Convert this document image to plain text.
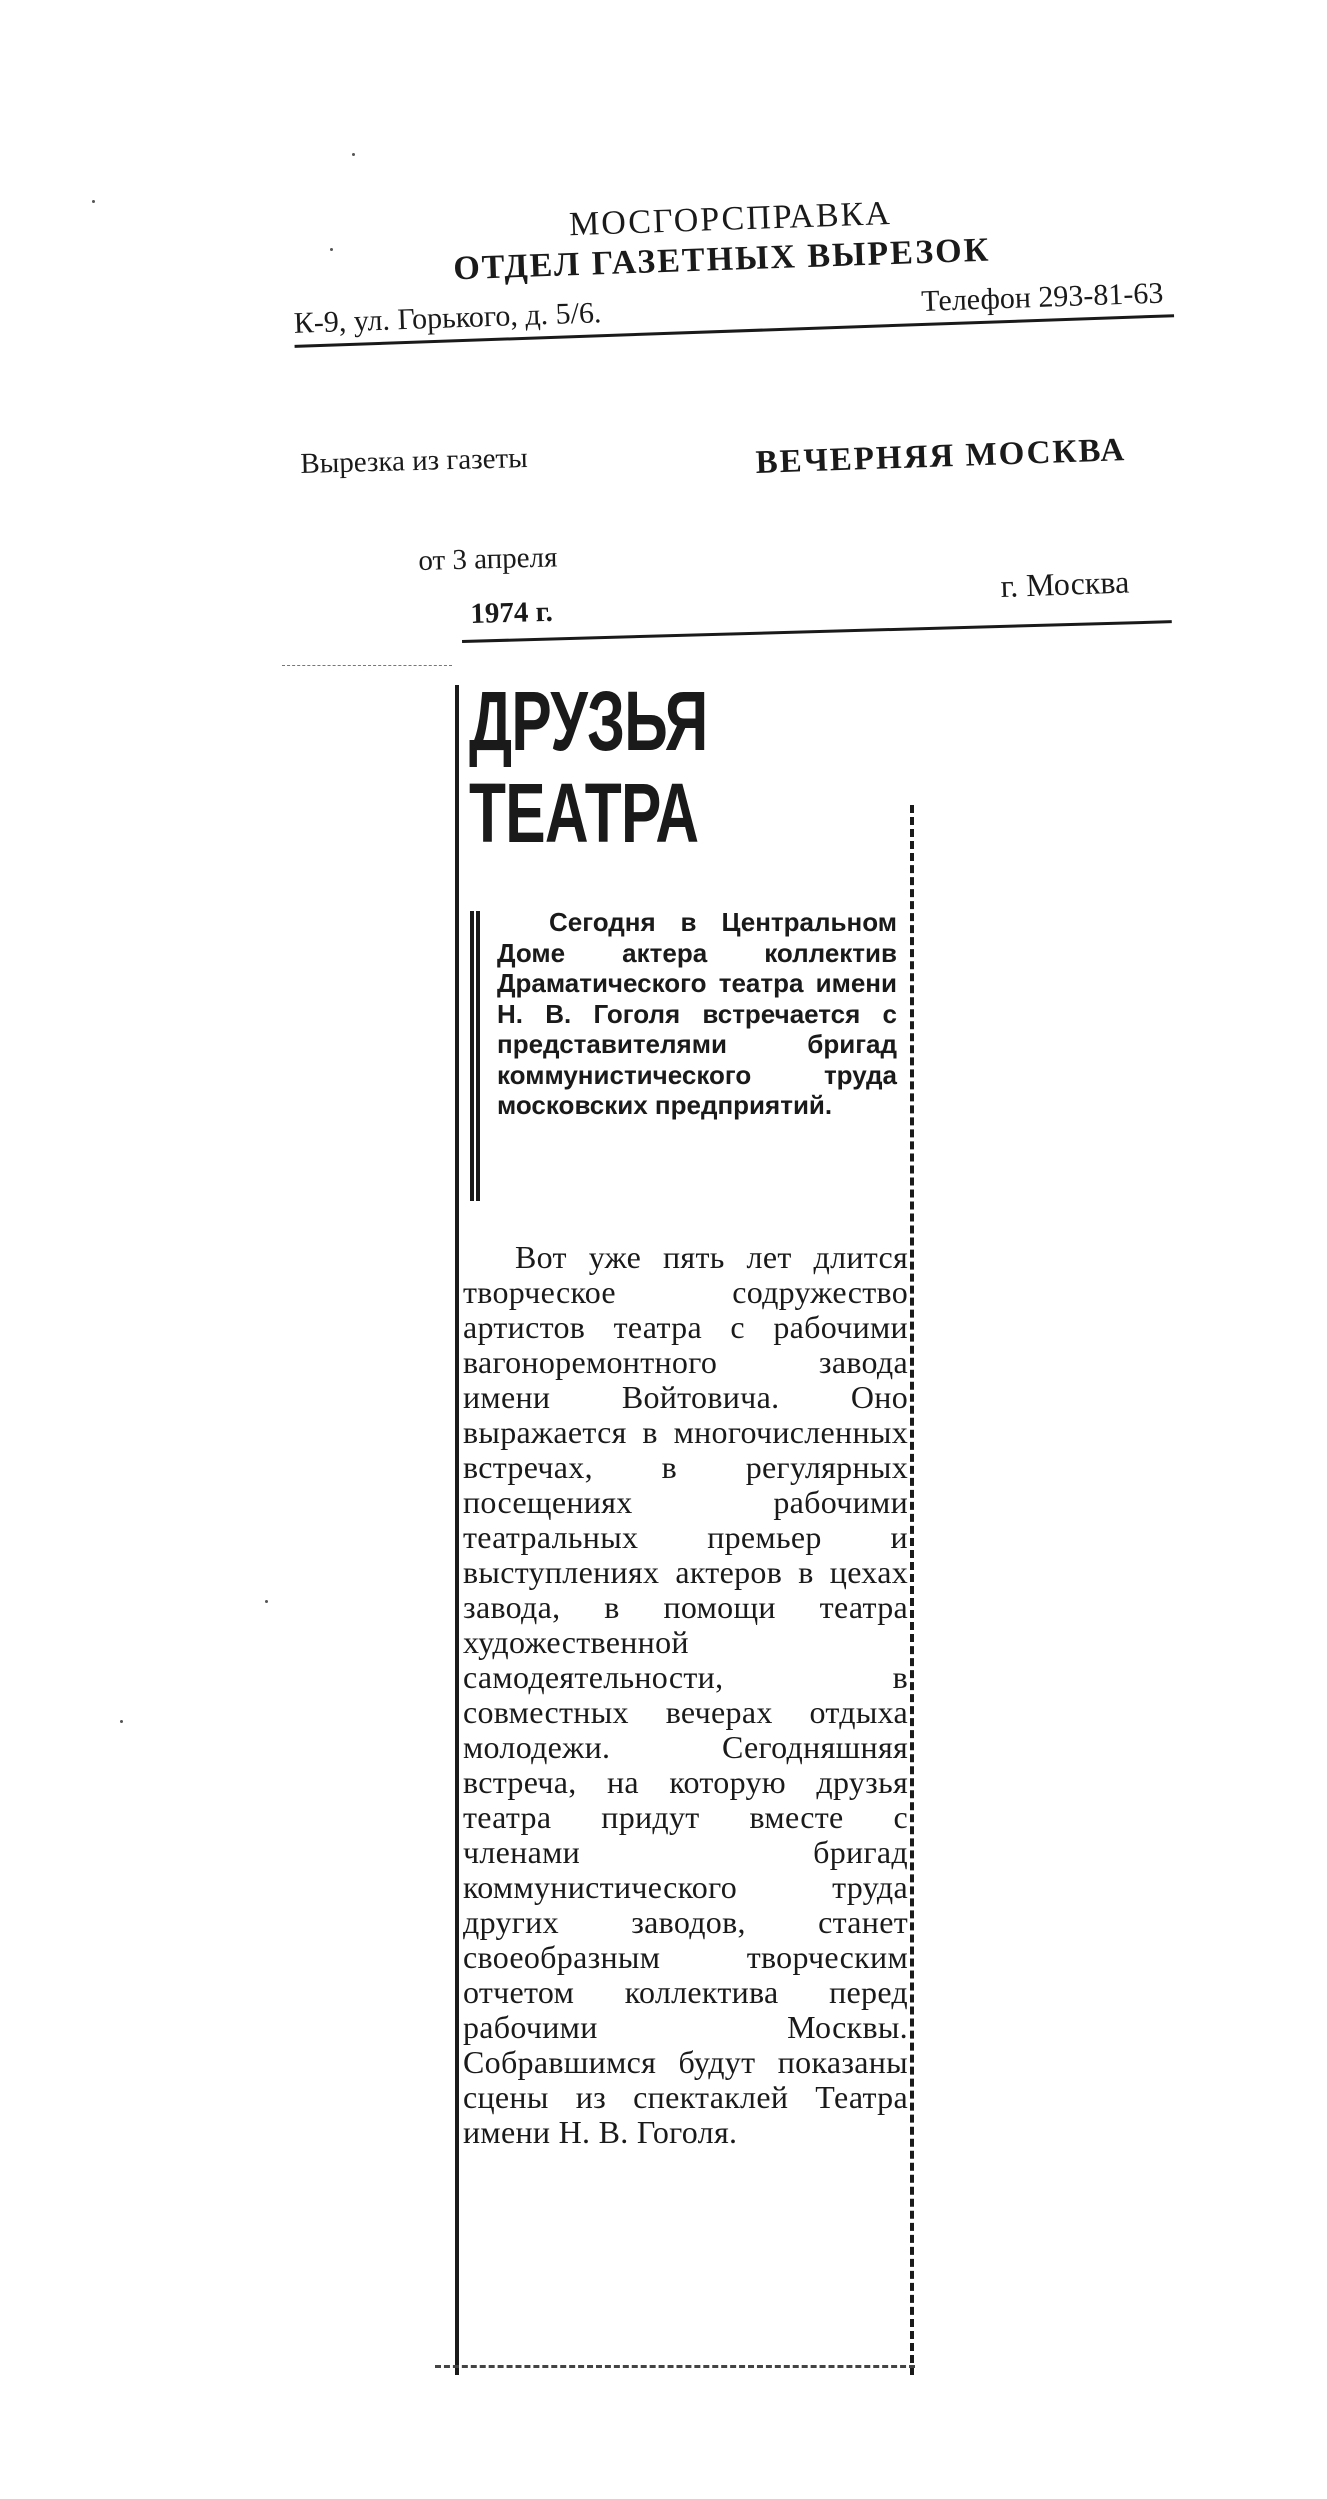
МОСГОРСПРАВКА
ОТДЕЛ ГАЗЕТНЫХ ВЫРЕЗОК
К-9, ул. Горького, д. 5/6.	Телефон 293-81-63
Вырезка из газеты	ВЕЧЕРНЯЯ МОСКВА
от 3 апреля
1974 г.
г. Москва
ДРУЗЬЯ
ТЕАТРА
Сегодня в Центральном Доме актера коллектив Драматического театра имени Н. В. Гоголя встречается с представителями бригад коммунистического труда московских предприятий.
Вот уже пять лет длится творческое содружество артистов театра с рабочими вагоноремонтного завода имени Войтовича. Оно выражается в многочисленных встречах, в регулярных посещениях рабочими театральных премьер и выступлениях актеров в цехах завода, в помощи театра художественной самодеятельности, в совместных вечерах отдыха молодежи. Сегодняшняя встреча, на которую друзья театра придут вместе с членами бригад коммунистического труда других заводов, станет своеобразным творческим отчетом коллектива перед рабочими Москвы. Собравшимся будут показаны сцены из спектаклей Театра имени Н. В. Гоголя.
